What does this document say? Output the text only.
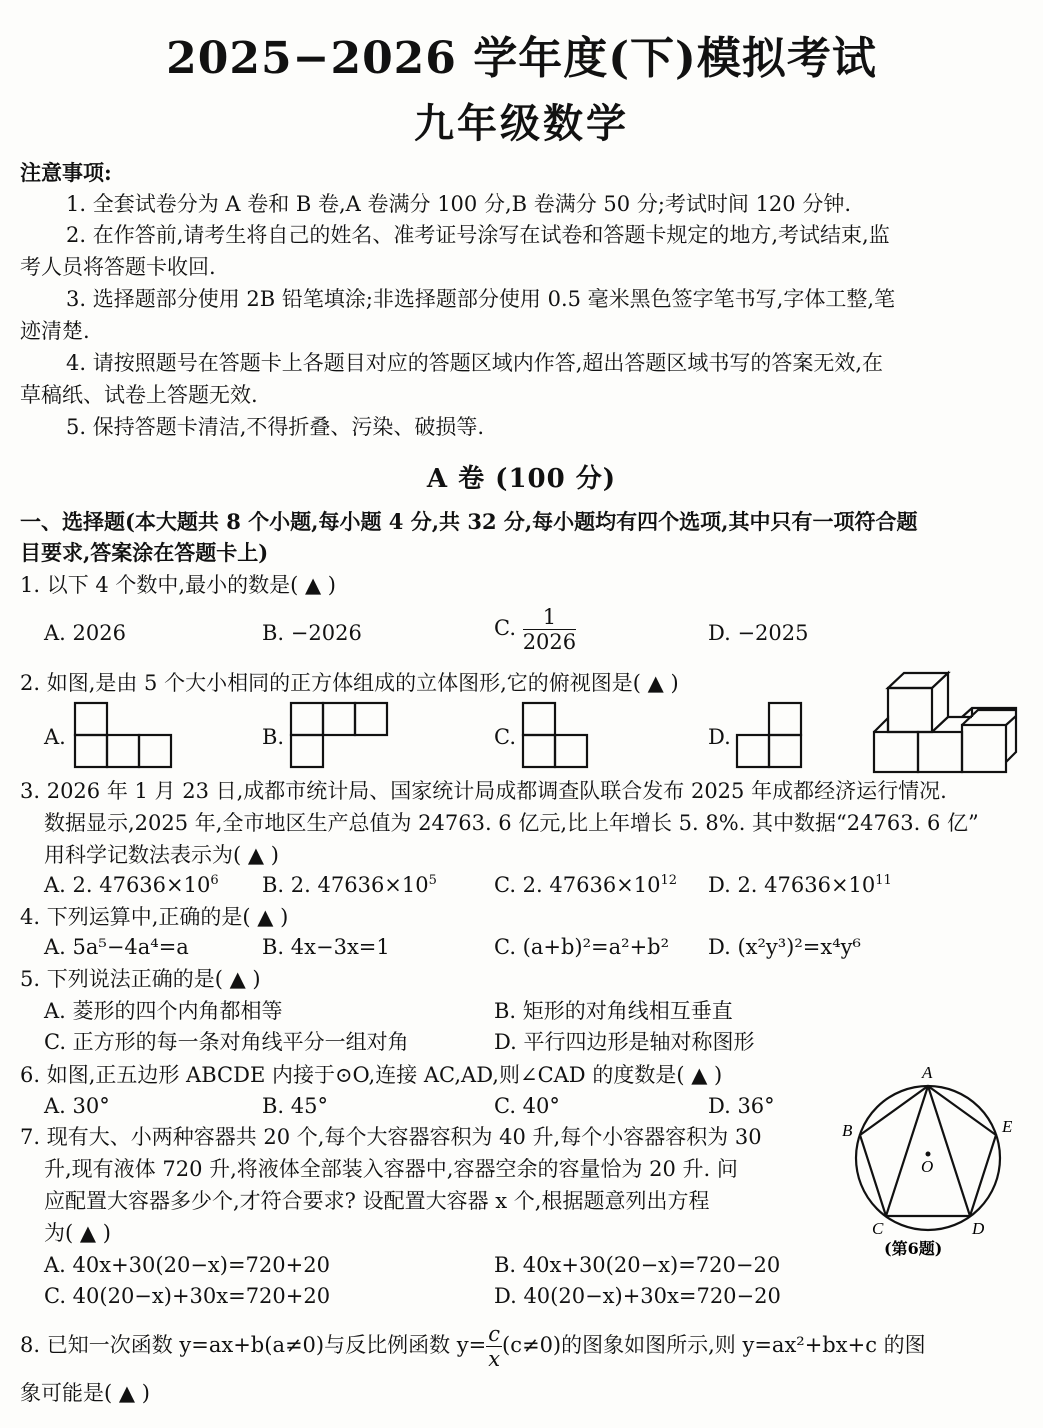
2025−2026 学年度(下)模拟考试
九年级数学
注意事项:
1. 全套试卷分为 A 卷和 B 卷,A 卷满分 100 分,B 卷满分 50 分;考试时间 120 分钟.
2. 在作答前,请考生将自己的姓名、准考证号涂写在试卷和答题卡规定的地方,考试结束,监
考人员将答题卡收回.
3. 选择题部分使用 2B 铅笔填涂;非选择题部分使用 0.5 毫米黑色签字笔书写,字体工整,笔
迹清楚.
4. 请按照题号在答题卡上各题目对应的答题区域内作答,超出答题区域书写的答案无效,在
草稿纸、试卷上答题无效.
5. 保持答题卡清洁,不得折叠、污染、破损等.
A 卷 (100 分)
一、选择题(本大题共 8 个小题,每小题 4 分,共 32 分,每小题均有四个选项,其中只有一项符合题
目要求,答案涂在答题卡上)
1. 以下 4 个数中,最小的数是( ▲ )
A. 2026	B. −2026	C. $\frac{1}{2026}$	D. −2025
2. 如图,是由 5 个大小相同的正方体组成的立体图形,它的俯视图是( ▲ )
A.	B.	C.	D.
3. 2026 年 1 月 23 日,成都市统计局、国家统计局成都调查队联合发布 2025 年成都经济运行情况.
数据显示,2025 年,全市地区生产总值为 24763. 6 亿元,比上年增长 5. 8%. 其中数据“24763. 6 亿”
用科学记数法表示为( ▲ )
A. 2. $47636\times 10^6$ B. 2. $47636\times 10^5$	C. 2. $47636\times 10^{12}$ D. 2. $47636\times 10^{11}$
4. 下列运算中,正确的是( ▲ )
A. 5a⁵−4a⁴=a	B. 4x−3x=1	C. (a+b)²=a²+b² D. (x²y³)²=x⁴y⁶
5. 下列说法正确的是( ▲ )
A. 菱形的四个内角都相等	B. 矩形的对角线相互垂直
C. 正方形的每一条对角线平分一组对角	D. 平行四边形是轴对称图形
6. 如图,正五边形 ABCDE 内接于⊙O,连接 AC,AD,则∠CAD 的度数是( ▲ )
A. 30°	B. 45°	C. 40°	D. 36°
A
B	E
C	D
O
(第6题)
7. 现有大、小两种容器共 20 个,每个大容器容积为 40 升,每个小容器容积为 30
升,现有液体 720 升,将液体全部装入容器中,容器空余的容量恰为 20 升. 问
应配置大容器多少个,才符合要求? 设配置大容器 x 个,根据题意列出方程
为( ▲ )
A. 40x+30(20−x)=720+20	B. 40x+30(20−x)=720−20
C. 40(20−x)+30x=720+20	D. 40(20−x)+30x=720−20
8. 已知一次函数 y=ax+b(a≠0)与反比例函数 $y= \frac{c}{x} (c\ne 0)$的图象如图所示,则 y=ax²+bx+c 的图
象可能是( ▲ )
